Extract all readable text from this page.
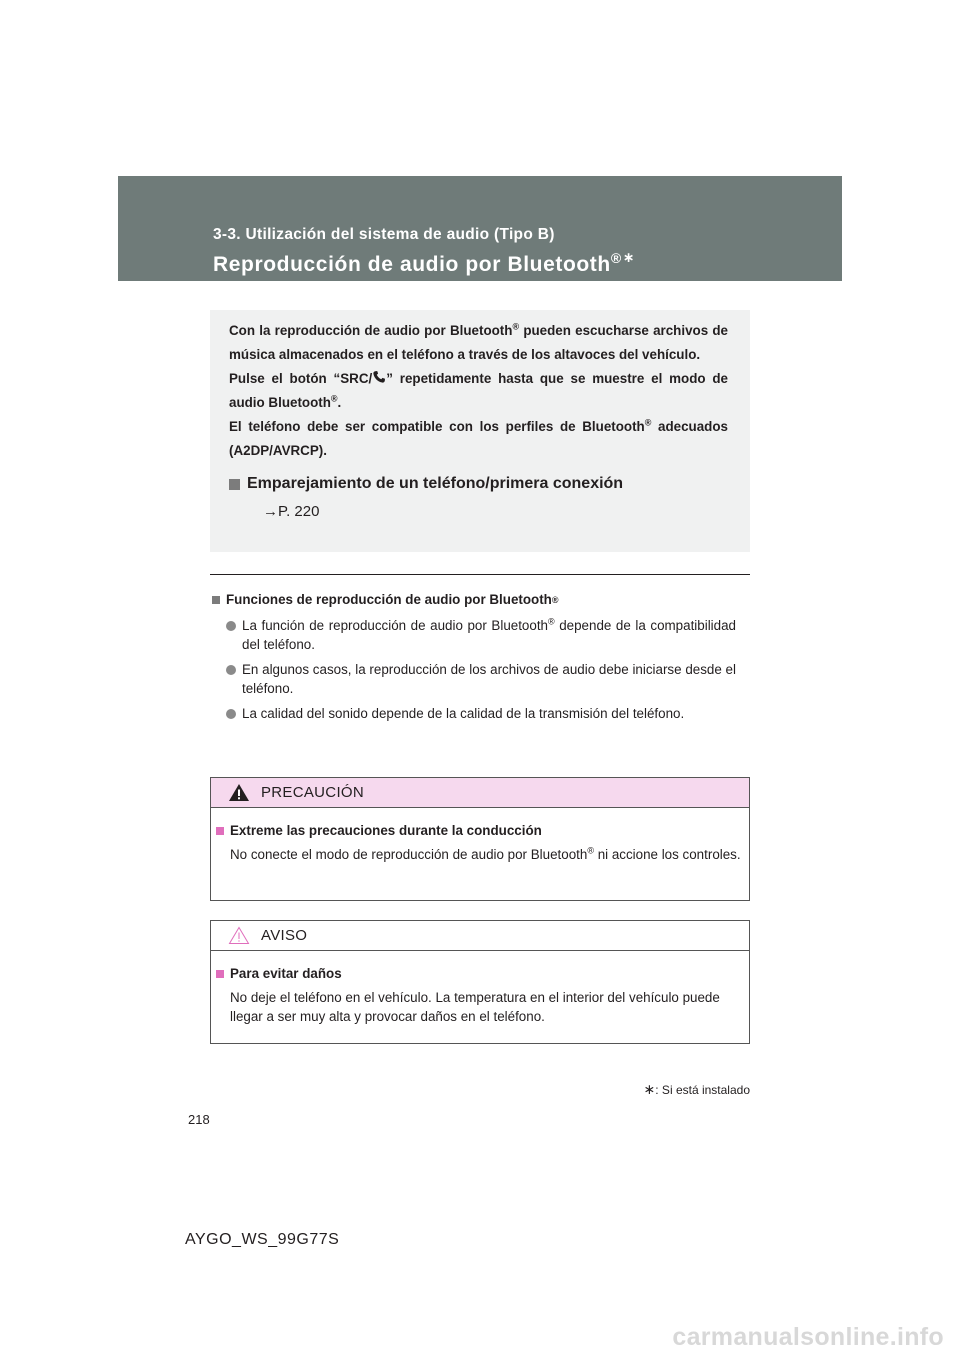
3-3. Utilización del sistema de audio (Tipo B)

Reproducción de audio por Bluetooth®∗

Con la reproducción de audio por Bluetooth® pueden escucharse archivos de música almacenados en el teléfono a través de los altavoces del vehículo.

Pulse el botón “SRC/ ” repetidamente hasta que se muestre el modo de audio Bluetooth®.

El teléfono debe ser compatible con los perfiles de Bluetooth® adecuados (A2DP/AVRCP).

Emparejamiento de un teléfono/primera conexión

→P. 220

Funciones de reproducción de audio por Bluetooth ®

La función de reproducción de audio por Bluetooth® depende de la compatibilidad del teléfono.

En algunos casos, la reproducción de los archivos de audio debe iniciarse desde el teléfono.

La calidad del sonido depende de la calidad de la transmisión del teléfono.

PRECAUCIÓN

Extreme las precauciones durante la conducción

No conecte el modo de reproducción de audio por Bluetooth® ni accione los controles.

AVISO

Para evitar daños

No deje el teléfono en el vehículo. La temperatura en el interior del vehículo puede llegar a ser muy alta y provocar daños en el teléfono.

∗: Si está instalado
218
AYGO_WS_99G77S
carmanualsonline.info
